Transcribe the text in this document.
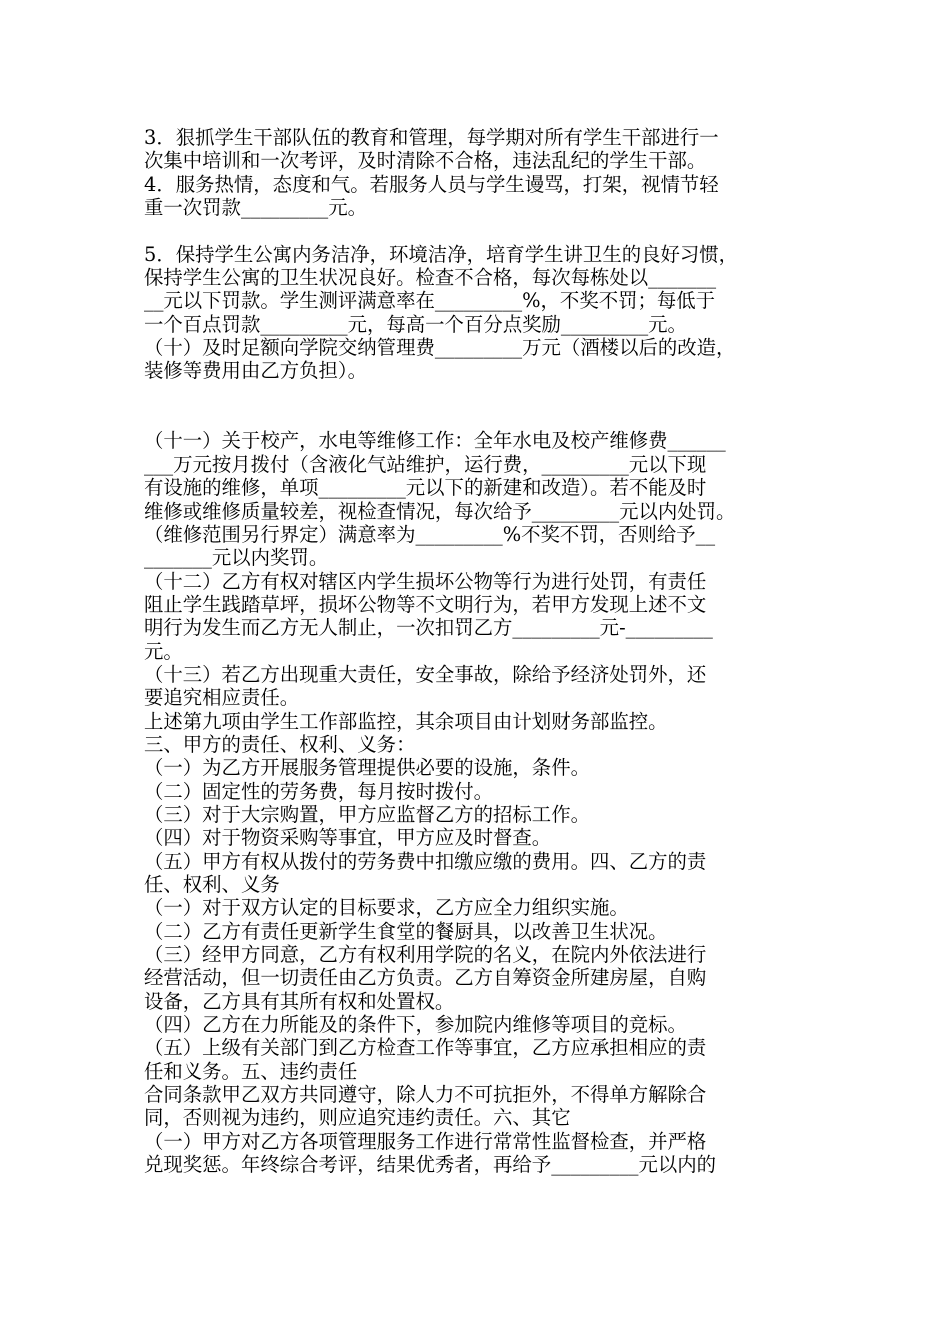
3．狠抓学生干部队伍的教育和管理，每学期对所有学生干部进行一
次集中培训和一次考评，及时清除不合格，违法乱纪的学生干部。
4．服务热情，态度和气。若服务人员与学生谩骂，打架，视情节轻
重一次罚款_________元。
5．保持学生公寓内务洁净，环境洁净，培育学生讲卫生的良好习惯，
保持学生公寓的卫生状况良好。检查不合格，每次每栋处以_______
__元以下罚款。学生测评满意率在_________%，不奖不罚；每低于
一个百点罚款_________元，每高一个百分点奖励_________元。
（十）及时足额向学院交纳管理费_________万元（酒楼以后的改造，
装修等费用由乙方负担）。
（十一）关于校产，水电等维修工作：全年水电及校产维修费______
___万元按月拨付（含液化气站维护，运行费，_________元以下现
有设施的维修，单项_________元以下的新建和改造）。若不能及时
维修或维修质量较差，视检查情况，每次给予_________元以内处罚。
（维修范围另行界定）满意率为_________%不奖不罚，否则给予__
_______元以内奖罚。
（十二）乙方有权对辖区内学生损坏公物等行为进行处罚，有责任
阻止学生践踏草坪，损坏公物等不文明行为，若甲方发现上述不文
明行为发生而乙方无人制止，一次扣罚乙方_________元-_________
元。
（十三）若乙方出现重大责任，安全事故，除给予经济处罚外，还
要追究相应责任。
上述第九项由学生工作部监控，其余项目由计划财务部监控。
三、甲方的责任、权利、义务：
（一）为乙方开展服务管理提供必要的设施，条件。
（二）固定性的劳务费，每月按时拨付。
（三）对于大宗购置，甲方应监督乙方的招标工作。
（四）对于物资采购等事宜，甲方应及时督查。
（五）甲方有权从拨付的劳务费中扣缴应缴的费用。四、乙方的责
任、权利、义务
（一）对于双方认定的目标要求，乙方应全力组织实施。
（二）乙方有责任更新学生食堂的餐厨具，以改善卫生状况。
（三）经甲方同意，乙方有权利用学院的名义，在院内外依法进行
经营活动，但一切责任由乙方负责。乙方自筹资金所建房屋，自购
设备，乙方具有其所有权和处置权。
（四）乙方在力所能及的条件下，参加院内维修等项目的竞标。
（五）上级有关部门到乙方检查工作等事宜，乙方应承担相应的责
任和义务。五、违约责任
合同条款甲乙双方共同遵守，除人力不可抗拒外，不得单方解除合
同，否则视为违约，则应追究违约责任。六、其它
（一）甲方对乙方各项管理服务工作进行常常性监督检查，并严格
兑现奖惩。年终综合考评，结果优秀者，再给予_________元以内的
